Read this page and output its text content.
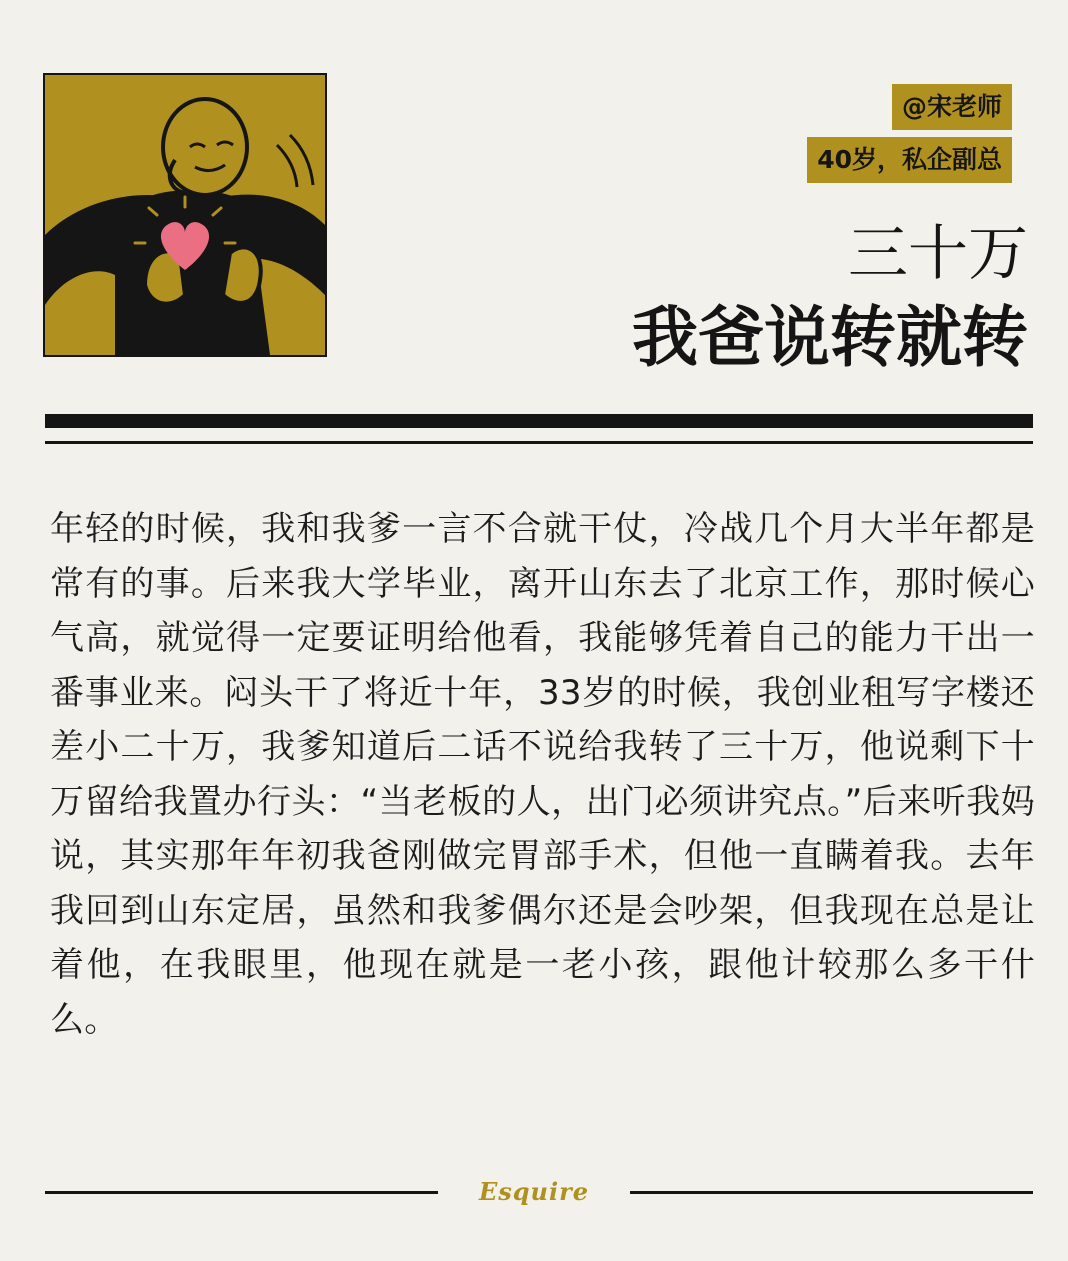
@宋老师
40岁，私企副总
三十万
我爸说转就转
年轻的时候，我和我爹一言不合就干仗，冷战几个月大半年都是常有的事。后来我大学毕业，离开山东去了北京工作，那时候心气高，就觉得一定要证明给他看，我能够凭着自己的能力干出一番事业来。闷头干了将近十年，33岁的时候，我创业租写字楼还差小二十万，我爹知道后二话不说给我转了三十万，他说剩下十万留给我置办行头：“当老板的人，出门必须讲究点。”后来听我妈说，其实那年年初我爸刚做完胃部手术，但他一直瞒着我。去年我回到山东定居，虽然和我爹偶尔还是会吵架，但我现在总是让着他，在我眼里，他现在就是一老小孩，跟他计较那么多干什么。
Esquire
